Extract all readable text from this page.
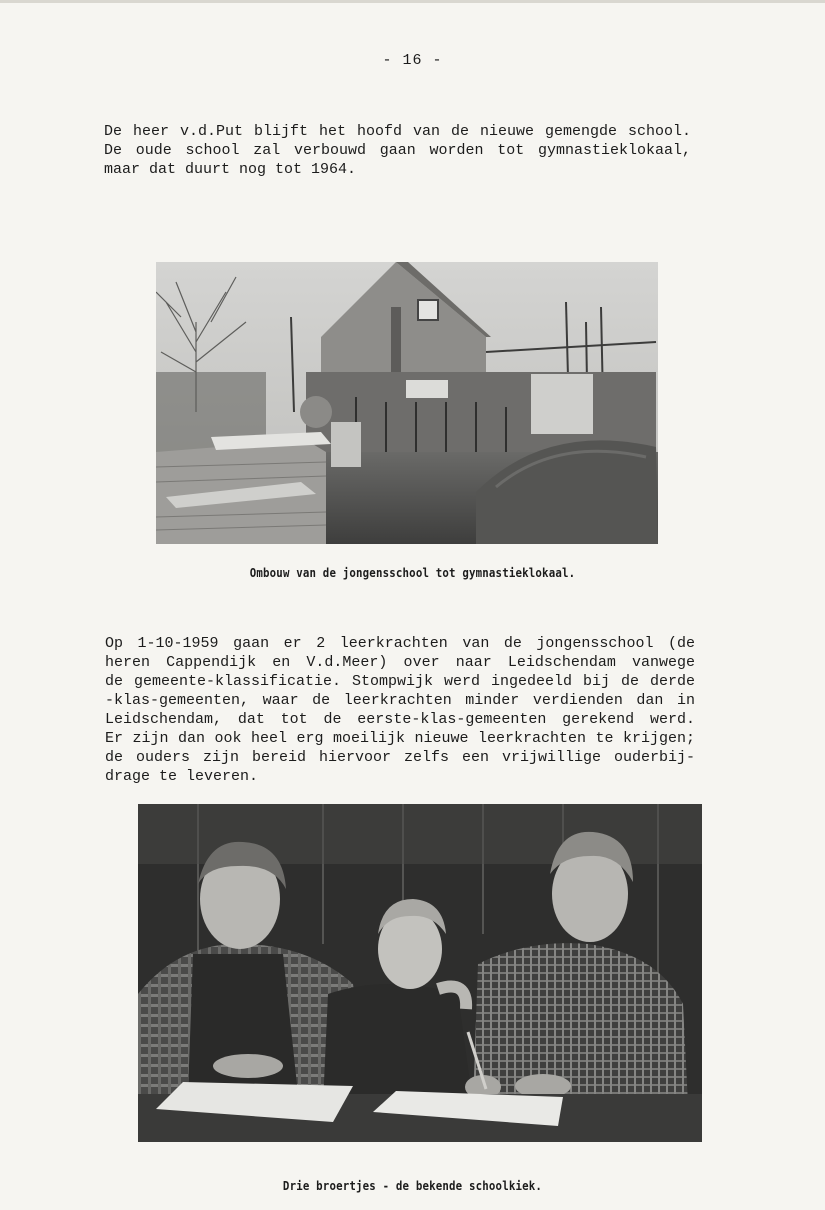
- 16 -

De heer v.d.Put blijft het hoofd van de nieuwe gemengde school.

De oude school zal verbouwd gaan worden tot gymnastieklokaal,

maar dat duurt nog tot 1964.

Ombouw van de jongensschool tot gymnastieklokaal.

Op 1-10-1959 gaan er 2 leerkrachten van de jongensschool (de

heren Cappendijk en V.d.Meer) over naar Leidschendam vanwege

de gemeente-klassificatie. Stompwijk werd ingedeeld bij de derde

-klas-gemeenten, waar de leerkrachten minder verdienden dan in

Leidschendam, dat tot de eerste-klas-gemeenten gerekend werd.

Er zijn dan ook heel erg moeilijk nieuwe leerkrachten te krijgen;

de ouders zijn bereid hiervoor zelfs een vrijwillige ouderbij-

drage te leveren.

Drie broertjes - de bekende schoolkiek.
